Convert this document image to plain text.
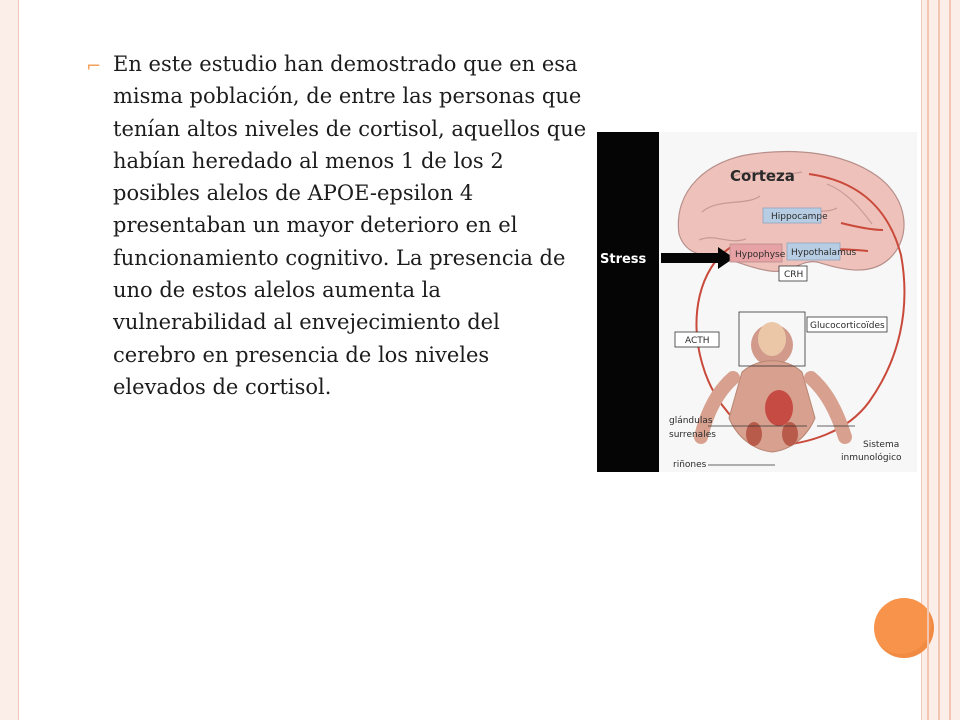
⌐ En este estudio han demostrado que en esa misma población, de entre las personas que tenían altos niveles de cortisol, aquellos que habían heredado al menos 1 de los 2 posibles alelos de APOE-epsilon 4 presentaban un mayor deterioro en el funcionamiento cognitivo. La presencia de uno de estos alelos aumenta la vulnerabilidad al envejecimiento del cerebro en presencia de los niveles elevados de cortisol.
Stress
Corteza
Hippocampe
Hypophyse Hypothalamus
CRH
ACTH
Glucocorticoïdes
glándulas
surrenales
riñones
Sistema
inmunológico
